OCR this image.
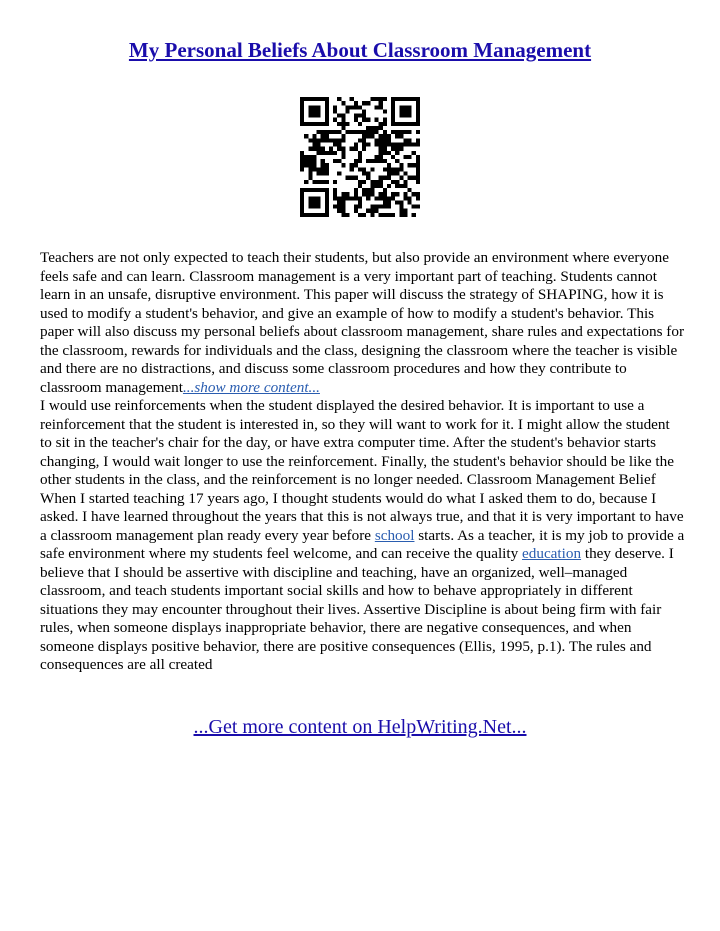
My Personal Beliefs About Classroom Management
Teachers are not only expected to teach their students, but also provide an environment where everyone feels safe and can learn. Classroom management is a very important part of teaching. Students cannot learn in an unsafe, disruptive environment. This paper will discuss the strategy of SHAPING, how it is used to modify a student's behavior, and give an example of how to modify a student's behavior. This paper will also discuss my personal beliefs about classroom management, share rules and expectations for the classroom, rewards for individuals and the class, designing the classroom where the teacher is visible and there are no distractions, and discuss some classroom procedures and how they contribute to classroom management...show more content...
I would use reinforcements when the student displayed the desired behavior. It is important to use a reinforcement that the student is interested in, so they will want to work for it. I might allow the student to sit in the teacher's chair for the day, or have extra computer time. After the student's behavior starts changing, I would wait longer to use the reinforcement. Finally, the student's behavior should be like the other students in the class, and the reinforcement is no longer needed. Classroom Management Belief When I started teaching 17 years ago, I thought students would do what I asked them to do, because I asked. I have learned throughout the years that this is not always true, and that it is very important to have a classroom management plan ready every year before school starts. As a teacher, it is my job to provide a safe environment where my students feel welcome, and can receive the quality education they deserve. I believe that I should be assertive with discipline and teaching, have an organized, well–managed classroom, and teach students important social skills and how to behave appropriately in different situations they may encounter throughout their lives. Assertive Discipline is about being firm with fair rules, when someone displays inappropriate behavior, there are negative consequences, and when someone displays positive behavior, there are positive consequences (Ellis, 1995, p.1). The rules and consequences are all created
...Get more content on HelpWriting.Net...
